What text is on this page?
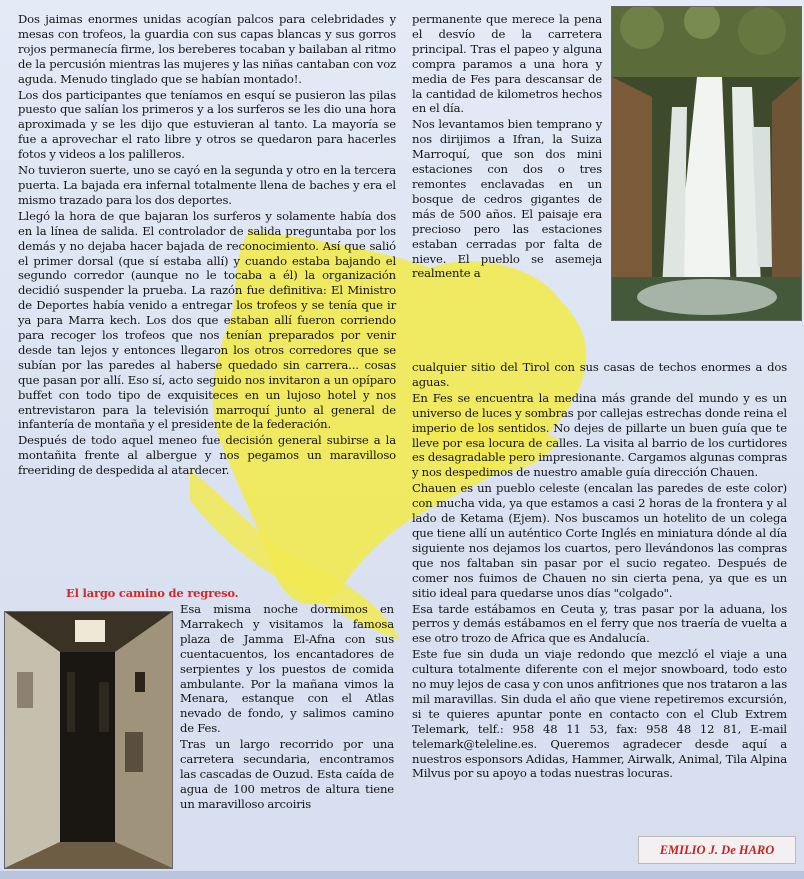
Dos jaimas enormes unidas acogían palcos para celebridades y mesas con trofeos, la guardia con sus capas blancas y sus gorros rojos permanecía firme, los bereberes tocaban y bailaban al ritmo de la percusión mientras las mujeres y las niñas cantaban con voz aguda. Menudo tinglado que se habían montado!.

Los dos participantes que teníamos en esquí se pusieron las pilas puesto que salían los primeros y a los surferos se les dio una hora aproximada y se les dijo que estuvieran al tanto. La mayoría se fue a aprovechar el rato libre y otros se quedaron para hacerles fotos y videos a los palilleros.

No tuvieron suerte, uno se cayó en la segunda y otro en la tercera puerta. La bajada era infernal totalmente llena de baches y era el mismo trazado para los dos deportes.

Llegó la hora de que bajaran los surferos y solamente había dos en la línea de salida. El controlador de salida preguntaba por los demás y no dejaba hacer bajada de reconocimiento. Así que salió el primer dorsal (que sí estaba allí) y cuando estaba bajando el segundo corredor (aunque no le tocaba a él) la organización decidió suspender la prueba. La razón fue definitiva: El Ministro de Deportes había venido a entregar los trofeos y se tenía que ir ya para Marra kech. Los dos que estaban allí fueron corriendo para recoger los trofeos que nos tenían preparados por venir desde tan lejos y entonces llegaron los otros corredores que se subían por las paredes al haberse quedado sin carrera... cosas que pasan por allí. Eso sí, acto seguido nos invitaron a un opíparo buffet con todo tipo de exquisiteces en un lujoso hotel y nos entrevistaron para la televisión marroquí junto al general de infantería de montaña y el presidente de la federación.

Después de todo aquel meneo fue decisión general subirse a la montañita frente al albergue y nos pegamos un maravilloso freeriding de despedida al atardecer.

El largo camino de regreso.

Esa misma noche dormimos en Marrakech y visitamos la famosa plaza de Jamma El-Afna con sus cuentacuentos, los encantadores de serpientes y los puestos de comida ambulante. Por la mañana vimos la Menara, estanque con el Atlas nevado de fondo, y salimos camino de Fes.

Tras un largo recorrido por una carretera secundaria, encontramos las cascadas de Ouzud. Esta caída de agua de 100 metros de altura tiene un maravilloso arcoiris

permanente que merece la pena el desvío de la carretera principal. Tras el papeo y alguna compra paramos a una hora y media de Fes para descansar de la cantidad de kilometros hechos en el día.

Nos levantamos bien temprano y nos dirijimos a Ifran, la Suiza Marroquí, que son dos mini estaciones con dos o tres remontes enclavadas en un bosque de cedros gigantes de más de 500 años. El paisaje era precioso pero las estaciones estaban cerradas por falta de nieve. El pueblo se asemeja realmente a

cualquier sitio del Tirol con sus casas de techos enormes a dos aguas.

En Fes se encuentra la medina más grande del mundo y es un universo de luces y sombras por callejas estrechas donde reina el imperio de los sentidos. No dejes de pillarte un buen guía que te lleve por esa locura de calles. La visita al barrio de los curtidores es desagradable pero impresionante. Cargamos algunas compras y nos despedimos de nuestro amable guía dirección Chauen.

Chauen es un pueblo celeste (encalan las paredes de este color) con mucha vida, ya que estamos a casi 2 horas de la frontera y al lado de Ketama (Ejem). Nos buscamos un hotelito de un colega que tiene allí un auténtico Corte Inglés en miniatura dónde al día siguiente nos dejamos los cuartos, pero llevándonos las compras que nos faltaban sin pasar por el sucio regateo. Después de comer nos fuimos de Chauen no sin cierta pena, ya que es un sitio ideal para quedarse unos días "colgado".

Esa tarde estábamos en Ceuta y, tras pasar por la aduana, los perros y demás estábamos en el ferry que nos traería de vuelta a ese otro trozo de Africa que es Andalucía.

Este fue sin duda un viaje redondo que mezcló el viaje a una cultura totalmente diferente con el mejor snowboard, todo esto no muy lejos de casa y con unos anfitriones que nos trataron a las mil maravillas. Sin duda el año que viene repetiremos excursión, si te quieres apuntar ponte en contacto con el Club Extrem Telemark, telf.: 958 48 11 53, fax: 958 48 12 81, E-mail telemark@teleline.es. Queremos agradecer desde aquí a nuestros esponsors Adidas, Hammer, Airwalk, Animal, Tila Alpina Milvus por su apoyo a todas nuestras locuras.

EMILIO J. De HARO
